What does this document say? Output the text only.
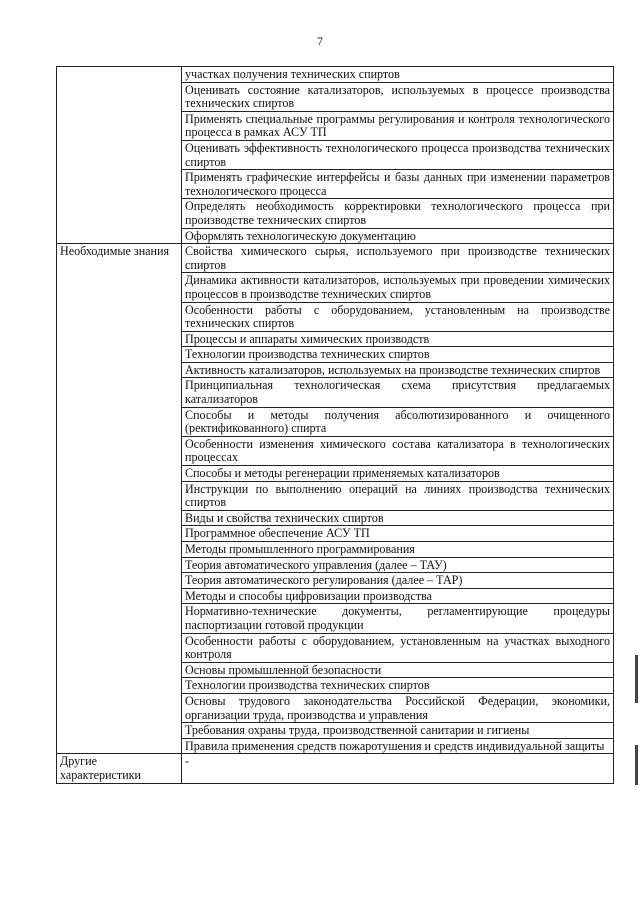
7
	участках получения технических спиртов
	Оценивать состояние катализаторов, используемых в процессе производства технических спиртов
	Применять специальные программы регулирования и контроля технологического процесса в рамках АСУ ТП
	Оценивать эффективность технологического процесса производства технических спиртов
	Применять графические интерфейсы и базы данных при изменении параметров технологического процесса
	Определять необходимость корректировки технологического процесса при производстве технических спиртов
	Оформлять технологическую документацию
Необходимые знания	Свойства химического сырья, используемого при производстве технических спиртов
	Динамика активности катализаторов, используемых при проведении химических процессов в производстве технических спиртов
	Особенности работы с оборудованием, установленным на производстве технических спиртов
	Процессы и аппараты химических производств
	Технологии производства технических спиртов
	Активность катализаторов, используемых на производстве технических спиртов
	Принципиальная технологическая схема присутствия предлагаемых катализаторов
	Способы и методы получения абсолютизированного и очищенного (ректификованного) спирта
	Особенности изменения химического состава катализатора в технологических процессах
	Способы и методы регенерации применяемых катализаторов
	Инструкции по выполнению операций на линиях производства технических спиртов
	Виды и свойства технических спиртов
	Программное обеспечение АСУ ТП
	Методы промышленного программирования
	Теория автоматического управления (далее – ТАУ)
	Теория автоматического регулирования (далее – ТАР)
	Методы и способы цифровизации производства
	Нормативно-технические документы, регламентирующие процедуры паспортизации готовой продукции
	Особенности работы с оборудованием, установленным на участках выходного контроля
	Основы промышленной безопасности
	Технологии производства технических спиртов
	Основы трудового законодательства Российской Федерации, экономики, организации труда, производства и управления
	Требования охраны труда, производственной санитарии и гигиены
	Правила применения средств пожаротушения и средств индивидуальной защиты
Другие характеристики	-
